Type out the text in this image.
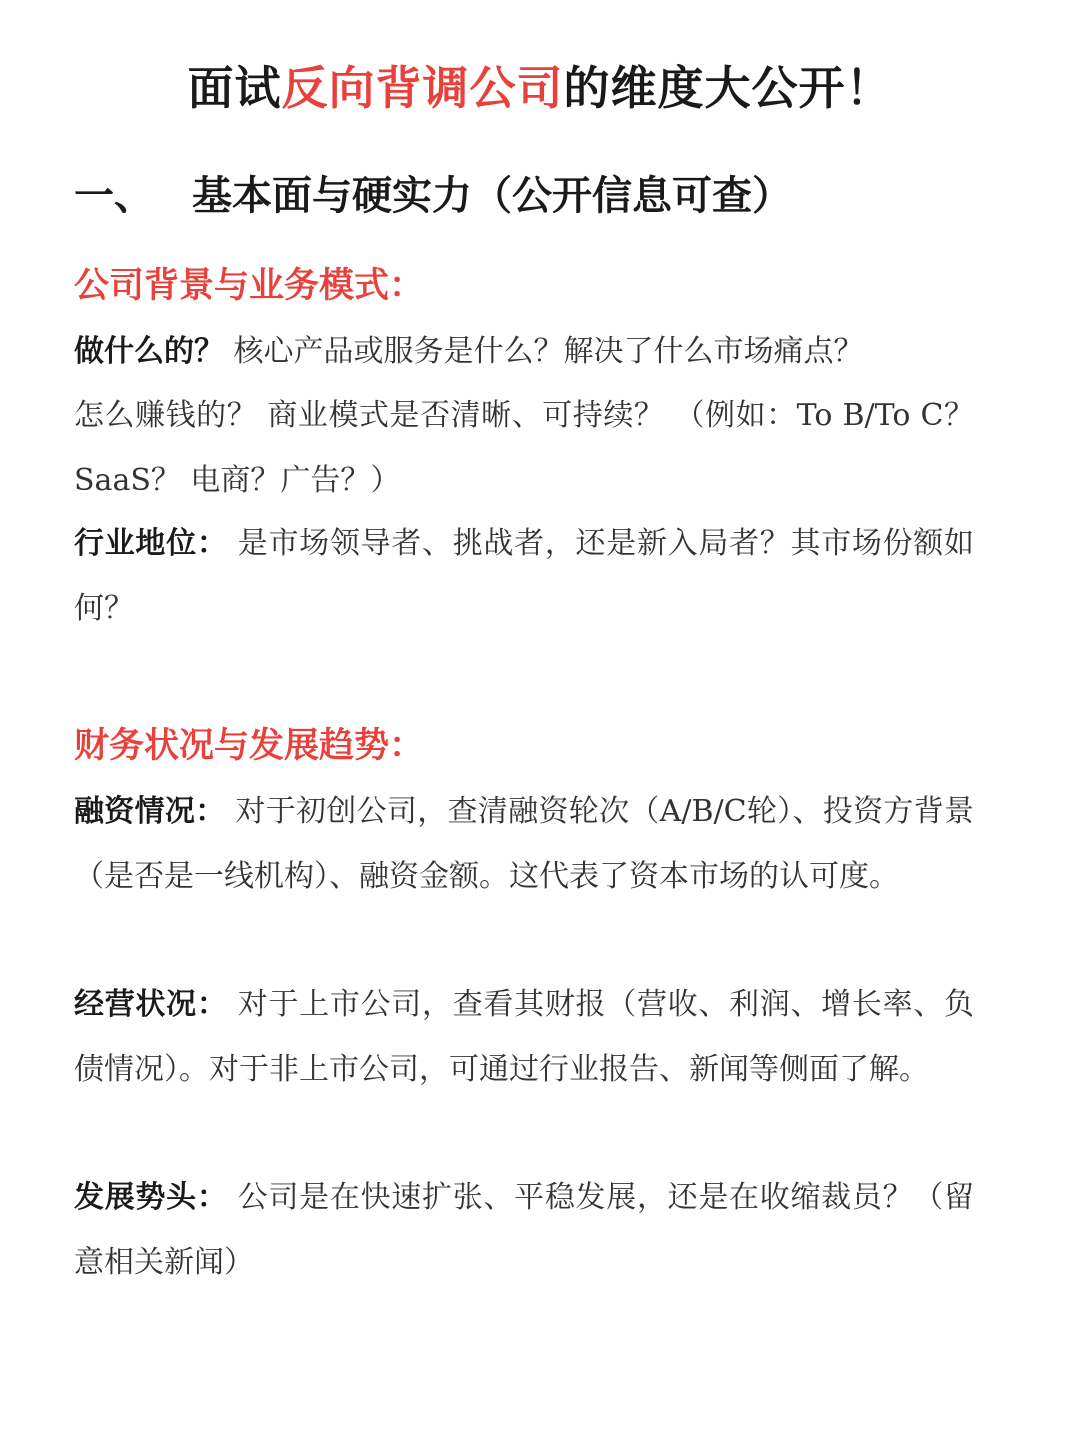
面试反向背调公司的维度大公开！
一、 基本面与硬实力（公开信息可查）
公司背景与业务模式：
做什么的？ 核心产品或服务是什么？解决了什么市场痛点？
怎么赚钱的？ 商业模式是否清晰、可持续？ （例如：To B/To C？ SaaS？ 电商？广告？）
行业地位： 是市场领导者、挑战者，还是新入局者？其市场份额如何？
财务状况与发展趋势：
融资情况： 对于初创公司，查清融资轮次（A/B/C轮）、投资方背景（是否是一线机构）、融资金额。这代表了资本市场的认可度。
经营状况： 对于上市公司，查看其财报（营收、利润、增长率、负债情况）。对于非上市公司，可通过行业报告、新闻等侧面了解。
发展势头： 公司是在快速扩张、平稳发展，还是在收缩裁员？（留意相关新闻）
